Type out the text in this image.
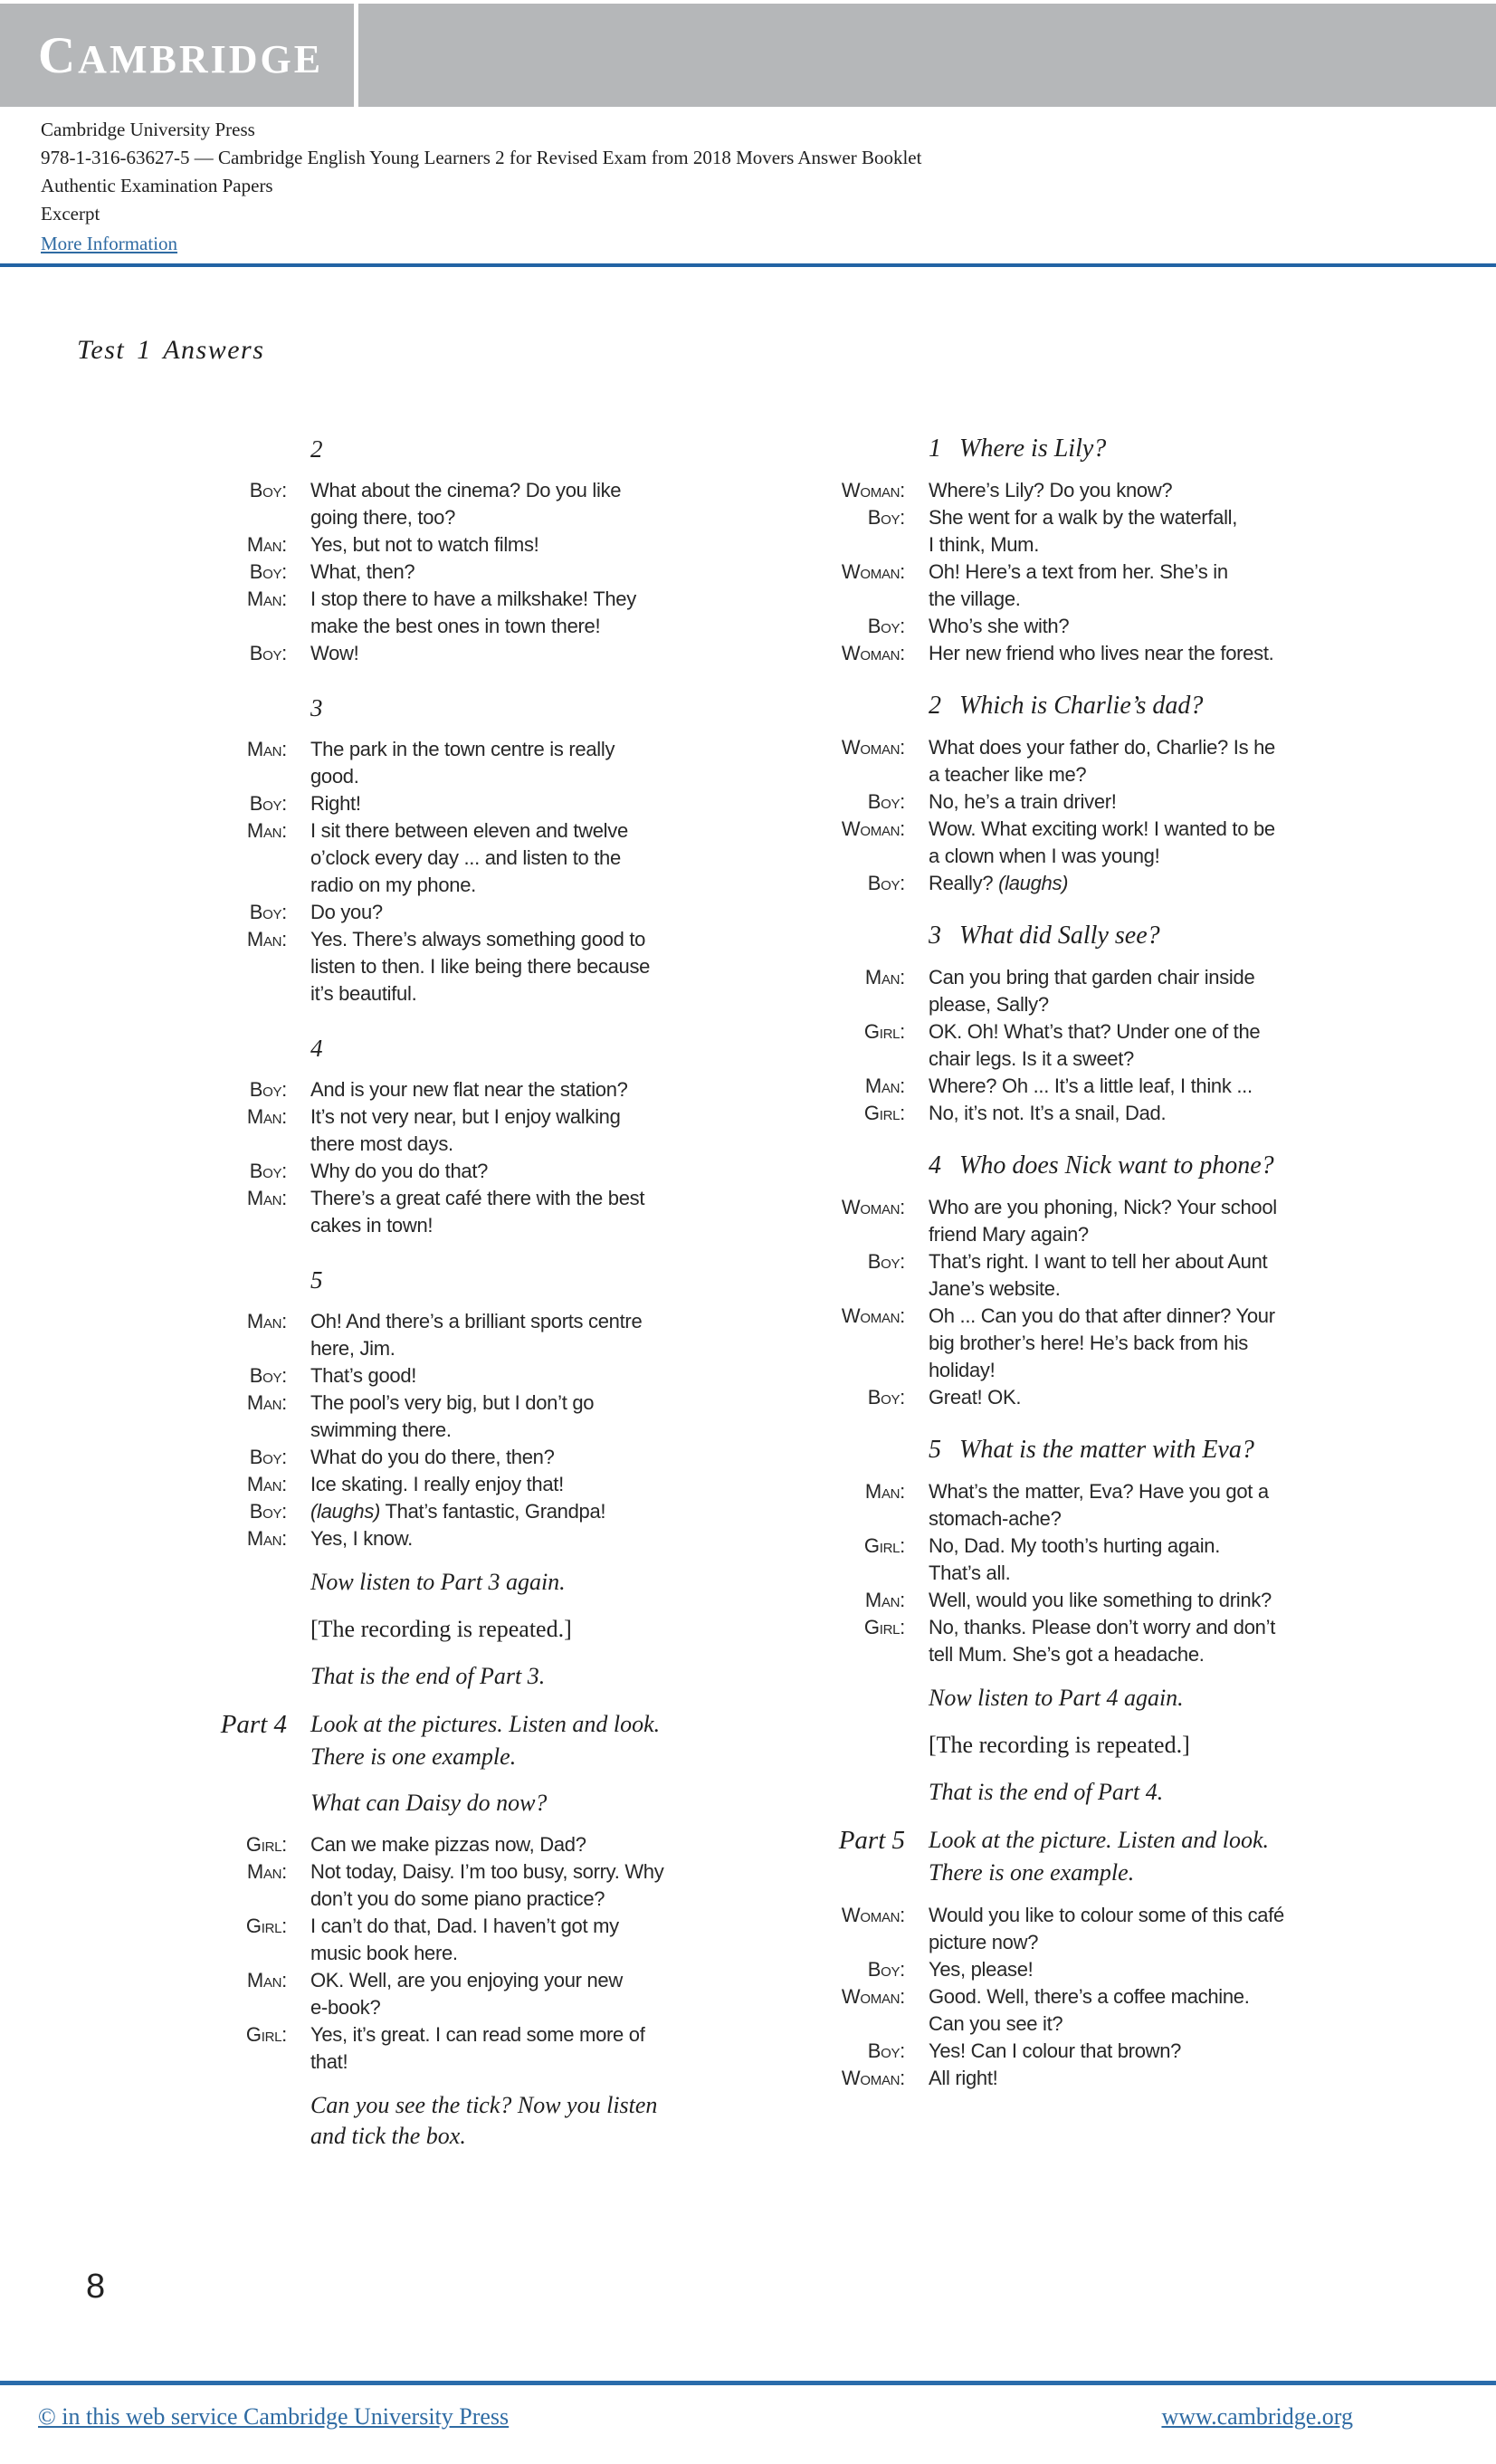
CAMBRIDGE
Cambridge University Press
978-1-316-63627-5 — Cambridge English Young Learners 2 for Revised Exam from 2018 Movers Answer Booklet
Authentic Examination Papers
Excerpt
More Information
Test 1 Answers
2
Boy: What about the cinema? Do you like
going there, too?
Man: Yes, but not to watch films!
Boy: What, then?
Man: I stop there to have a milkshake! They
make the best ones in town there!
Boy: Wow!
3
Man: The park in the town centre is really
good.
Boy: Right!
Man: I sit there between eleven and twelve
o’clock every day ... and listen to the
radio on my phone.
Boy: Do you?
Man: Yes. There’s always something good to
listen to then. I like being there because
it’s beautiful.
4
Boy: And is your new flat near the station?
Man: It’s not very near, but I enjoy walking
there most days.
Boy: Why do you do that?
Man: There’s a great café there with the best
cakes in town!
5
Man: Oh! And there’s a brilliant sports centre
here, Jim.
Boy: That’s good!
Man: The pool’s very big, but I don’t go
swimming there.
Boy: What do you do there, then?
Man: Ice skating. I really enjoy that!
Boy: (laughs) That’s fantastic, Grandpa!
Man: Yes, I know.
Now listen to Part 3 again.
[The recording is repeated.]
That is the end of Part 3.
Part 4 Look at the pictures. Listen and look.
There is one example.
What can Daisy do now?
Girl: Can we make pizzas now, Dad?
Man: Not today, Daisy. I’m too busy, sorry. Why
don’t you do some piano practice?
Girl: I can’t do that, Dad. I haven’t got my
music book here.
Man: OK. Well, are you enjoying your new
e-book?
Girl: Yes, it’s great. I can read some more of
that!
Can you see the tick? Now you listen
and tick the box.
1 Where is Lily?
Woman: Where’s Lily? Do you know?
Boy: She went for a walk by the waterfall,
I think, Mum.
Woman: Oh! Here’s a text from her. She’s in
the village.
Boy: Who’s she with?
Woman: Her new friend who lives near the forest.
2 Which is Charlie’s dad?
Woman: What does your father do, Charlie? Is he
a teacher like me?
Boy: No, he’s a train driver!
Woman: Wow. What exciting work! I wanted to be
a clown when I was young!
Boy: Really? (laughs)
3 What did Sally see?
Man: Can you bring that garden chair inside
please, Sally?
Girl: OK. Oh! What’s that? Under one of the
chair legs. Is it a sweet?
Man: Where? Oh ... It’s a little leaf, I think ...
Girl: No, it’s not. It’s a snail, Dad.
4 Who does Nick want to phone?
Woman: Who are you phoning, Nick? Your school
friend Mary again?
Boy: That’s right. I want to tell her about Aunt
Jane’s website.
Woman: Oh ... Can you do that after dinner? Your
big brother’s here! He’s back from his
holiday!
Boy: Great! OK.
5 What is the matter with Eva?
Man: What’s the matter, Eva? Have you got a
stomach-ache?
Girl: No, Dad. My tooth’s hurting again.
That’s all.
Man: Well, would you like something to drink?
Girl: No, thanks. Please don’t worry and don’t
tell Mum. She’s got a headache.
Now listen to Part 4 again.
[The recording is repeated.]
That is the end of Part 4.
Part 5 Look at the picture. Listen and look.
There is one example.
Woman: Would you like to colour some of this café
picture now?
Boy: Yes, please!
Woman: Good. Well, there’s a coffee machine.
Can you see it?
Boy: Yes! Can I colour that brown?
Woman: All right!
8
© in this web service Cambridge University Press	www.cambridge.org
